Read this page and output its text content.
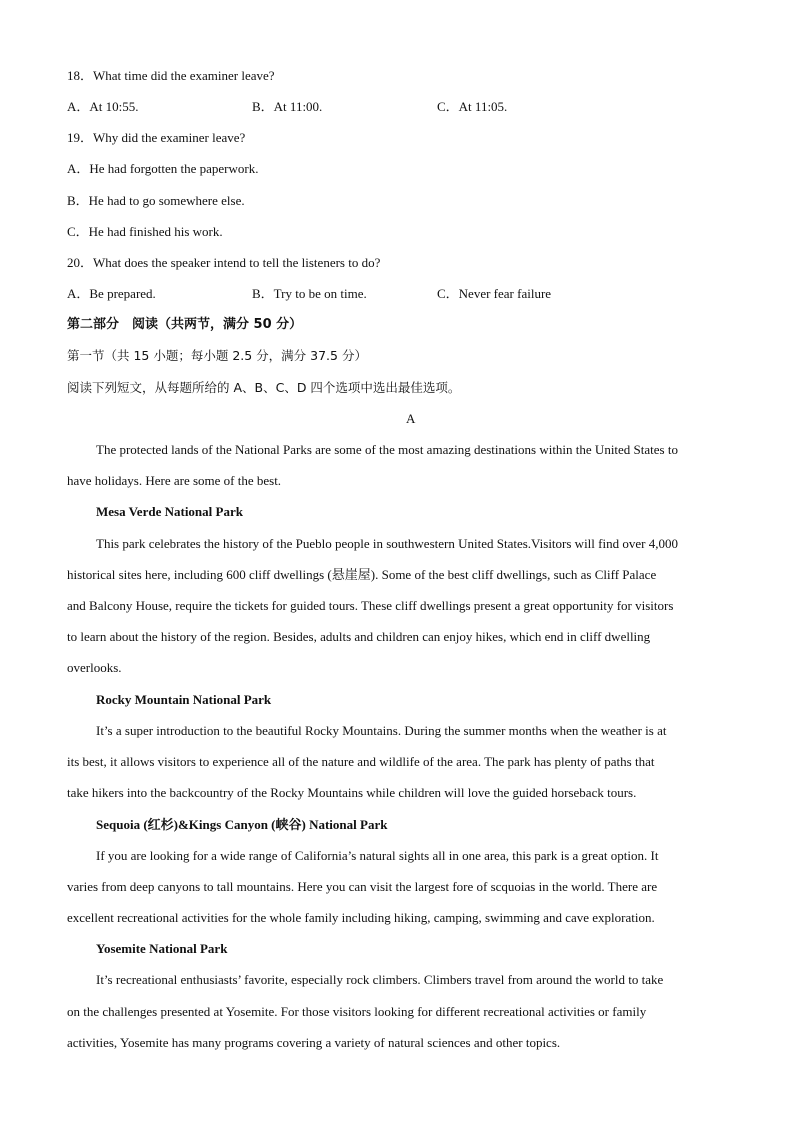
18．What time did the examiner leave?
A．At 10:55.	B．At 11:00.	C．At 11:05.
19．Why did the examiner leave?
A．He had forgotten the paperwork.
B．He had to go somewhere else.
C．He had finished his work.
20．What does the speaker intend to tell the listeners to do?
A．Be prepared.	B．Try to be on time.	C．Never fear failure
第二部分　阅读（共两节，满分 50 分）
第一节（共 15 小题；每小题 2.5 分，满分 37.5 分）
阅读下列短文，从每题所给的 A、B、C、D 四个选项中选出最佳选项。
A
The protected lands of the National Parks are some of the most amazing destinations within the United States to
have holidays. Here are some of the best.
Mesa Verde National Park
This park celebrates the history of the Pueblo people in southwestern United States.Visitors will find over 4,000
historical sites here, including 600 cliff dwellings (悬崖屋). Some of the best cliff dwellings, such as Cliff Palace
and Balcony House, require the tickets for guided tours. These cliff dwellings present a great opportunity for visitors
to learn about the history of the region. Besides, adults and children can enjoy hikes, which end in cliff dwelling
overlooks.
Rocky Mountain National Park
It’s a super introduction to the beautiful Rocky Mountains. During the summer months when the weather is at
its best, it allows visitors to experience all of the nature and wildlife of the area. The park has plenty of paths that
take hikers into the backcountry of the Rocky Mountains while children will love the guided horseback tours.
Sequoia (红杉)&Kings Canyon (峡谷) National Park
If you are looking for a wide range of California’s natural sights all in one area, this park is a great option. It
varies from deep canyons to tall mountains. Here you can visit the largest fore of scquoias in the world. There are
excellent recreational activities for the whole family including hiking, camping, swimming and cave exploration.
Yosemite National Park
It’s recreational enthusiasts’ favorite, especially rock climbers. Climbers travel from around the world to take
on the challenges presented at Yosemite. For those visitors looking for different recreational activities or family
activities, Yosemite has many programs covering a variety of natural sciences and other topics.
